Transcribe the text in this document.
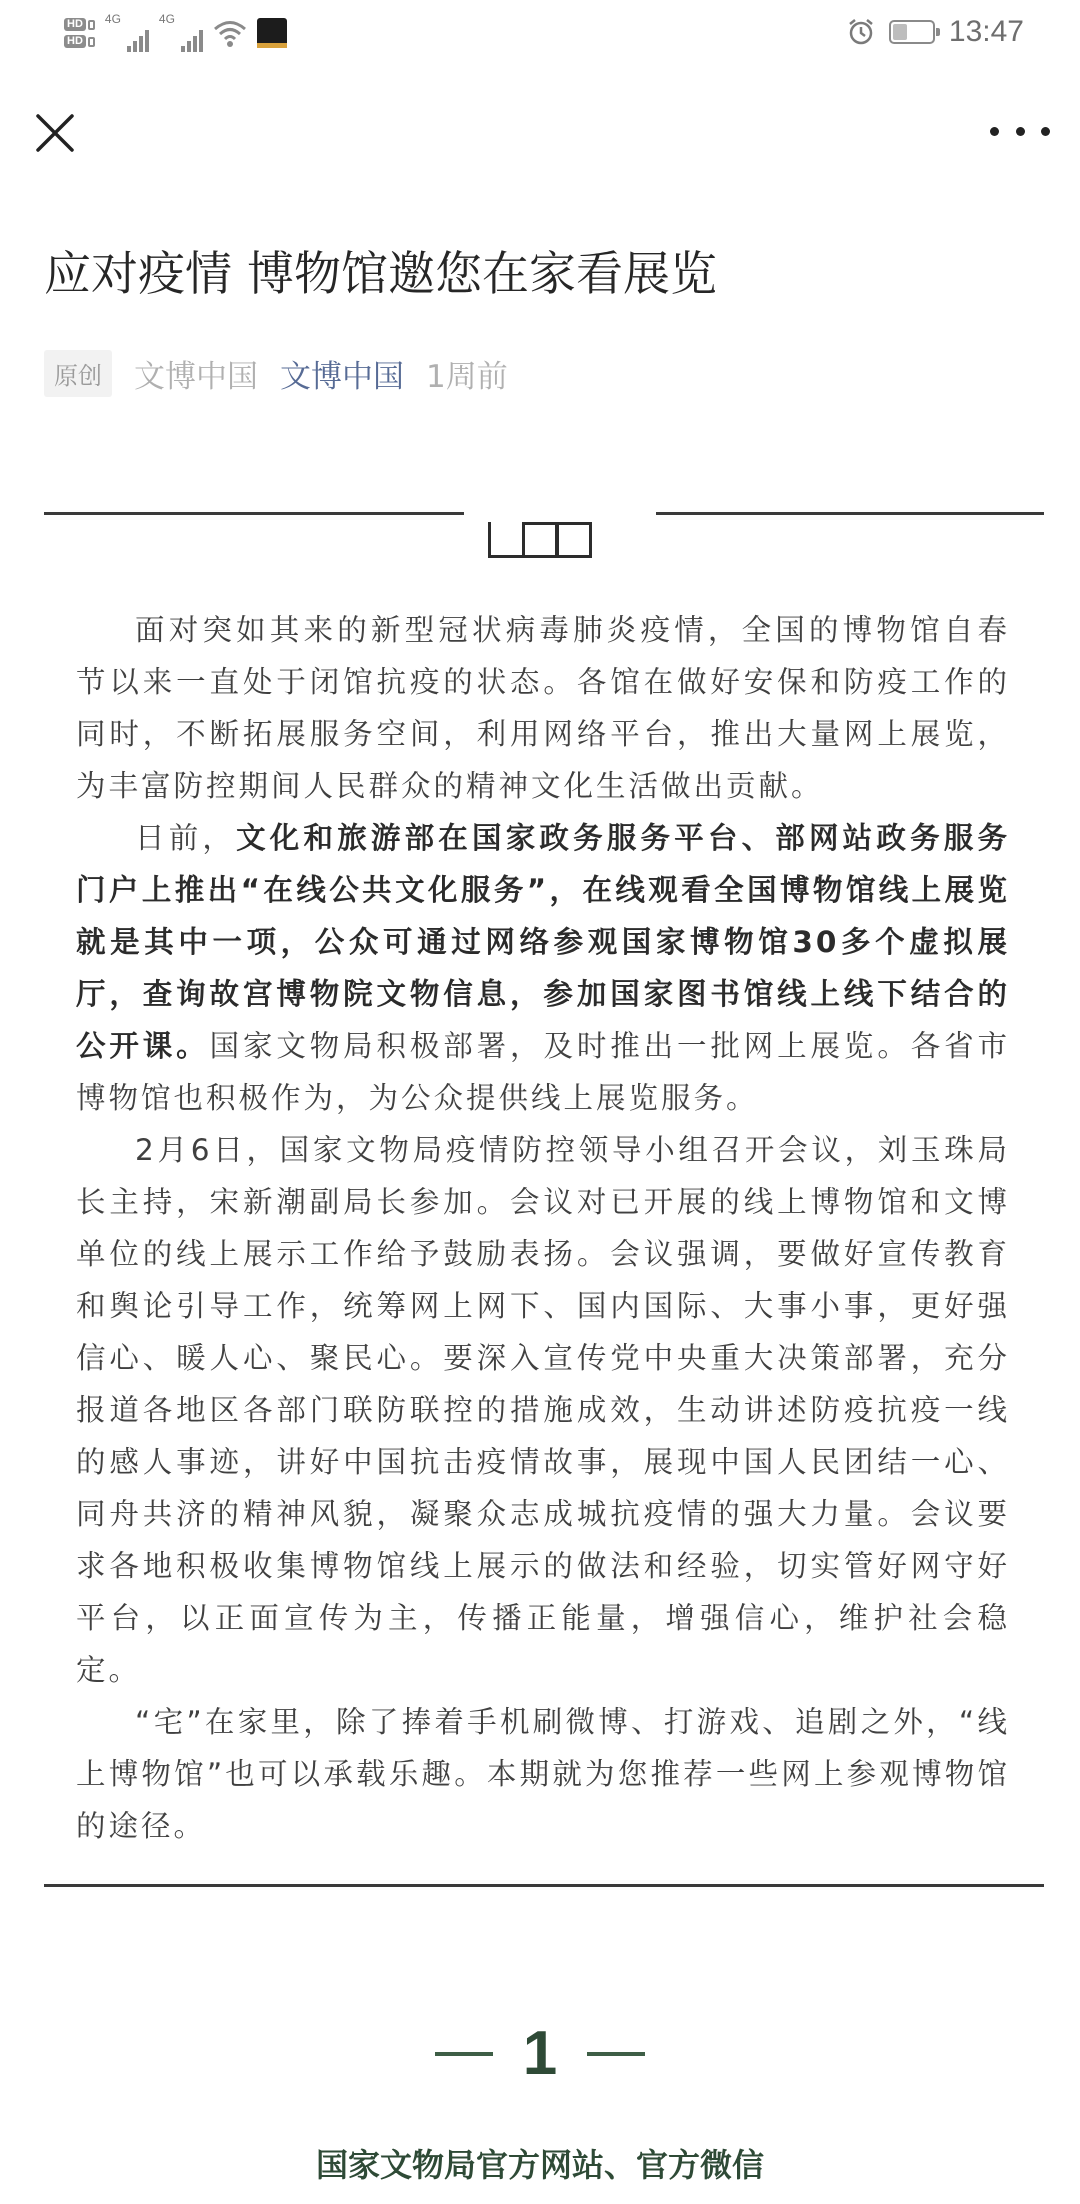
HD
HD
4G	4G	13:47
应对疫情 博物馆邀您在家看展览
原创	文博中国 文博中国 1周前

面对突如其来的新型冠状病毒肺炎疫情，全国的博物馆自春节以来一直处于闭馆抗疫的状态。各馆在做好安保和防疫工作的同时，不断拓展服务空间，利用网络平台，推出大量网上展览，为丰富防控期间人民群众的精神文化生活做出贡献。

日前，文化和旅游部在国家政务服务平台、部网站政务服务门户上推出“在线公共文化服务”，在线观看全国博物馆线上展览就是其中一项，公众可通过网络参观国家博物馆30多个虚拟展厅，查询故宫博物院文物信息，参加国家图书馆线上线下结合的公开课。国家文物局积极部署，及时推出一批网上展览。各省市博物馆也积极作为，为公众提供线上展览服务。

2月6日，国家文物局疫情防控领导小组召开会议，刘玉珠局长主持，宋新潮副局长参加。会议对已开展的线上博物馆和文博单位的线上展示工作给予鼓励表扬。会议强调，要做好宣传教育和舆论引导工作，统筹网上网下、国内国际、大事小事，更好强信心、暖人心、聚民心。要深入宣传党中央重大决策部署，充分报道各地区各部门联防联控的措施成效，生动讲述防疫抗疫一线的感人事迹，讲好中国抗击疫情故事，展现中国人民团结一心、同舟共济的精神风貌，凝聚众志成城抗疫情的强大力量。会议要求各地积极收集博物馆线上展示的做法和经验，切实管好网守好平台，以正面宣传为主，传播正能量，增强信心，维护社会稳定。

“宅”在家里，除了捧着手机刷微博、打游戏、追剧之外，“线上博物馆”也可以承载乐趣。本期就为您推荐一些网上参观博物馆的途径。

1
国家文物局官方网站、官方微信
